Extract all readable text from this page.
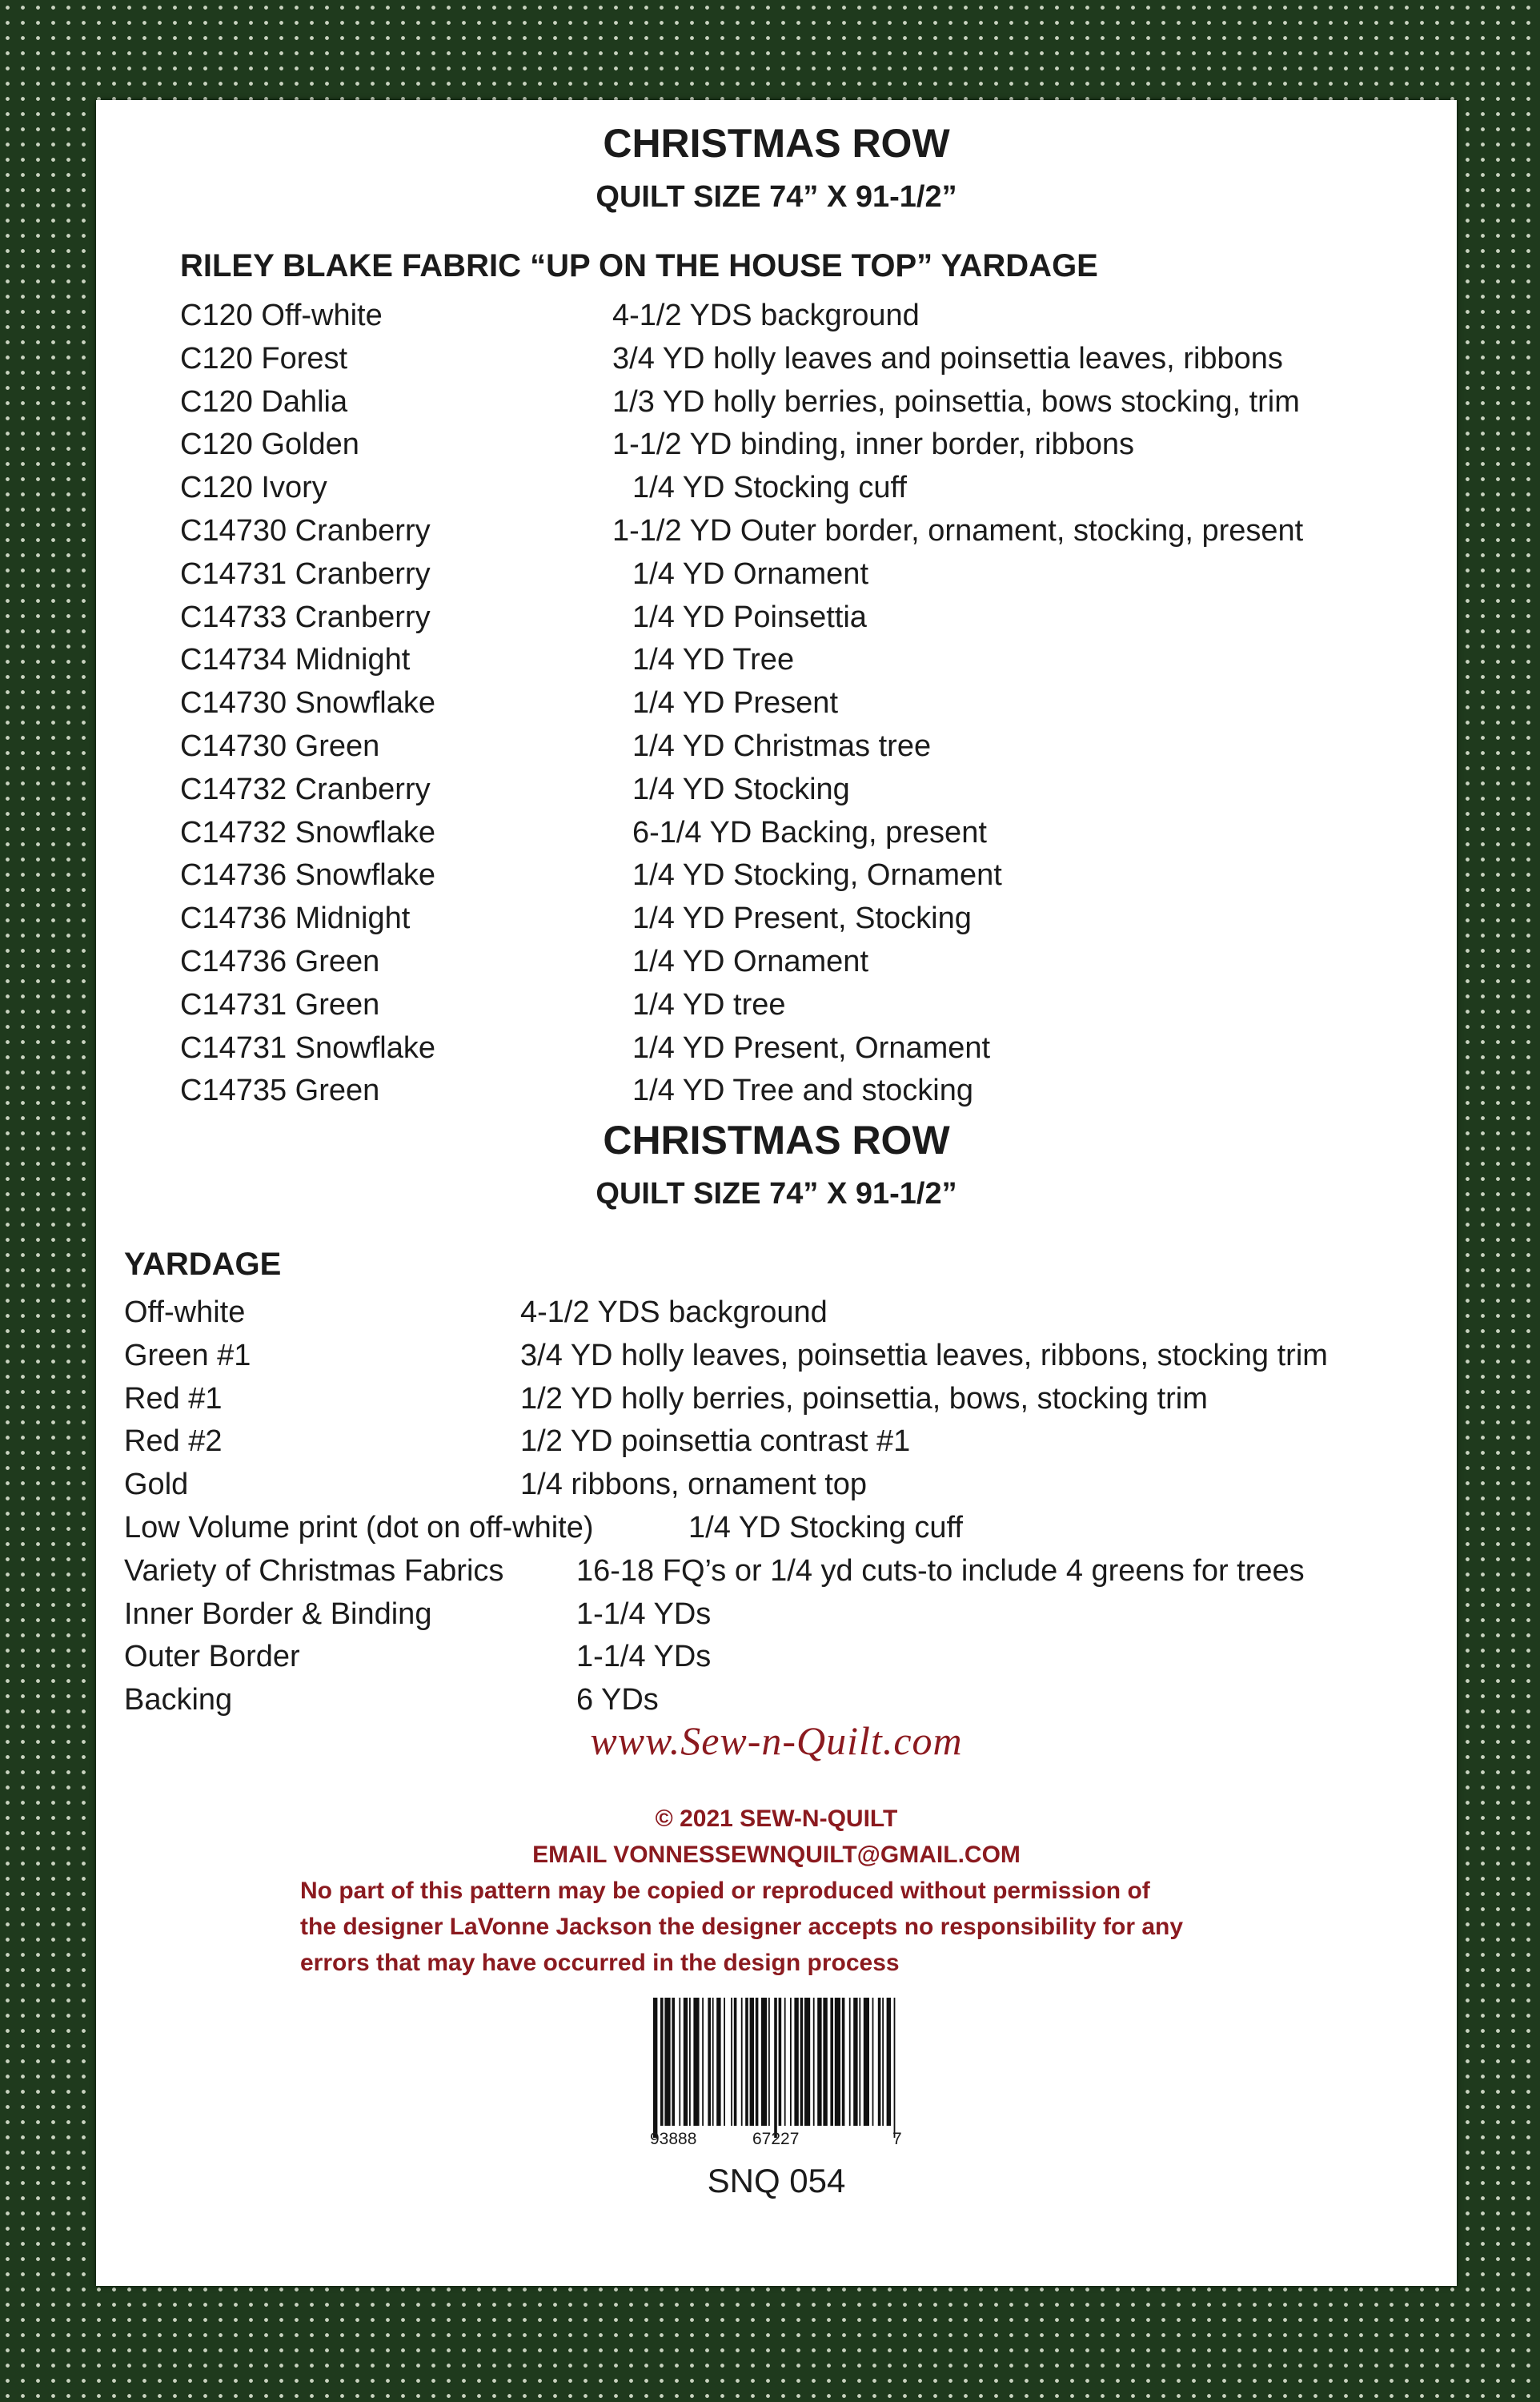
CHRISTMAS ROW
QUILT SIZE 74” X 91-1/2”
RILEY BLAKE FABRIC “UP ON THE HOUSE TOP” YARDAGE
C120 Off-white	4-1/2 YDS background
C120 Forest	3/4 YD holly leaves and poinsettia leaves, ribbons
C120 Dahlia	1/3 YD holly berries, poinsettia, bows stocking, trim
C120 Golden	1-1/2 YD binding, inner border, ribbons
C120 Ivory	1/4 YD Stocking cuff
C14730 Cranberry	1-1/2 YD Outer border, ornament, stocking, present
C14731 Cranberry	1/4 YD Ornament
C14733 Cranberry	1/4 YD Poinsettia
C14734 Midnight	1/4 YD Tree
C14730 Snowflake	1/4 YD Present
C14730 Green	1/4 YD Christmas tree
C14732 Cranberry	1/4 YD Stocking
C14732 Snowflake	6-1/4 YD Backing, present
C14736 Snowflake	1/4 YD Stocking, Ornament
C14736 Midnight	1/4 YD Present, Stocking
C14736 Green	1/4 YD Ornament
C14731 Green	1/4 YD tree
C14731 Snowflake	1/4 YD Present, Ornament
C14735 Green	1/4 YD Tree and stocking
CHRISTMAS ROW
QUILT SIZE 74” X 91-1/2”
YARDAGE
Off-white	4-1/2 YDS background
Green #1	3/4 YD holly leaves, poinsettia leaves, ribbons, stocking trim
Red #1	1/2 YD holly berries, poinsettia, bows, stocking trim
Red #2	1/2 YD poinsettia contrast #1
Gold	1/4 ribbons, ornament top
Low Volume print (dot on off-white)	1/4 YD Stocking cuff
Variety of Christmas Fabrics 16-18 FQ’s or 1/4 yd cuts-to include 4 greens for trees
Inner Border & Binding	1-1/4 YDs
Outer Border	1-1/4 YDs
Backing	6 YDs
www.Sew-n-Quilt.com
© 2021 SEW-N-QUILT
EMAIL VONNESSEWNQUILT@GMAIL.COM
No part of this pattern may be copied or reproduced without permission of
the designer LaVonne Jackson the designer accepts no responsibility for any
errors that may have occurred in the design process
93888	67227	7
SNQ 054
